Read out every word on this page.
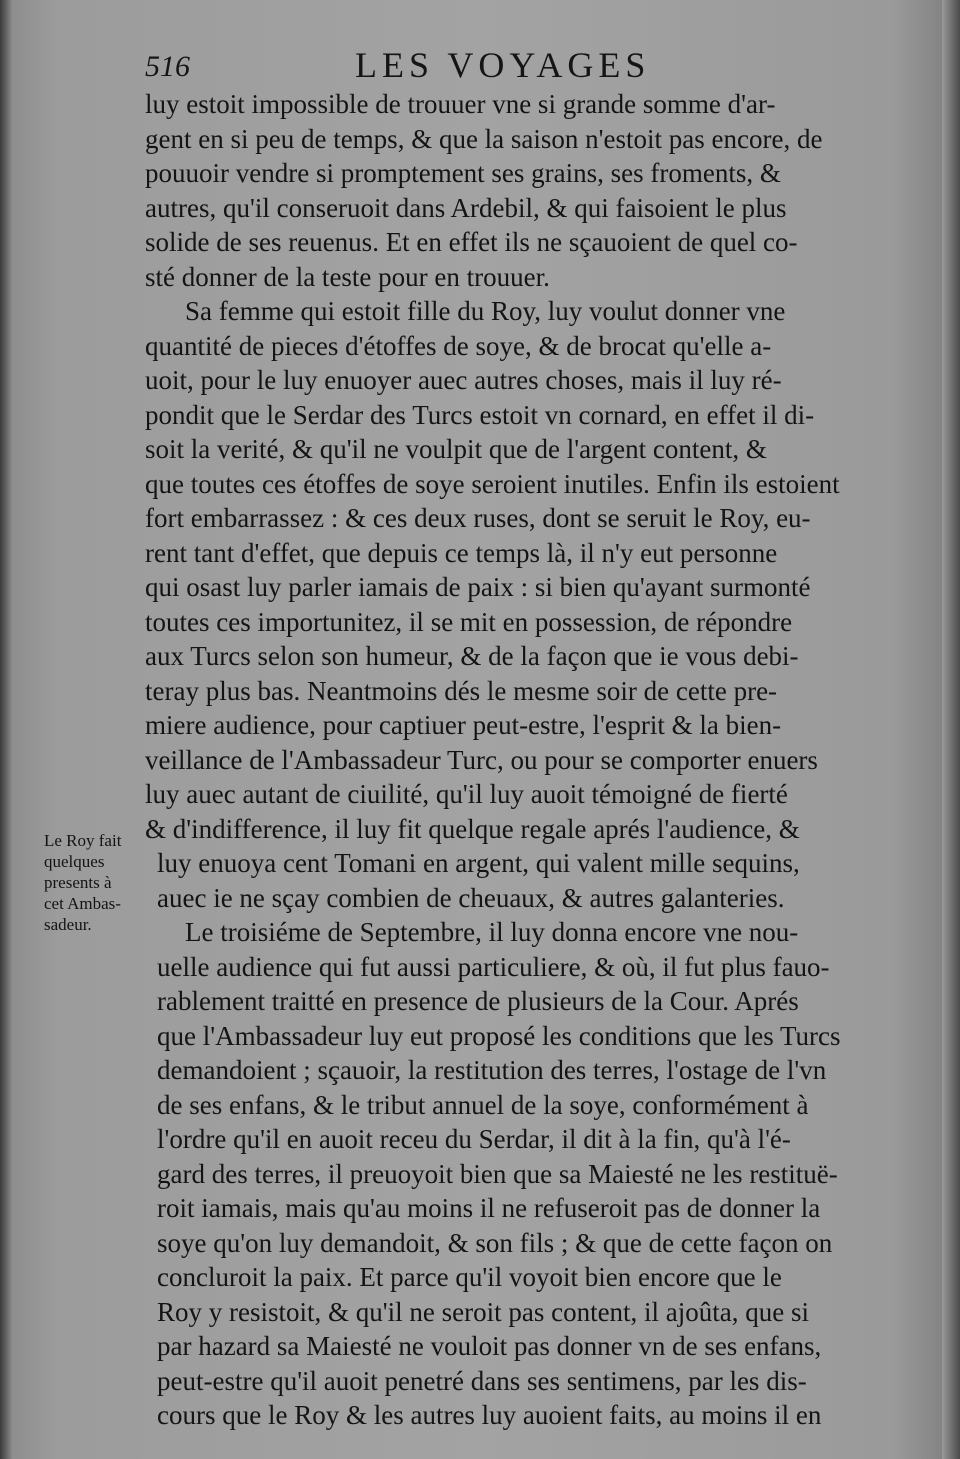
516	LES VOYAGES
Le Roy fait
quelques
presents à
cet Ambas-
sadeur.
luy estoit impossible de trouuer vne si grande somme d'ar-
gent en si peu de temps, & que la saison n'estoit pas encore, de
pouuoir vendre si promptement ses grains, ses froments, &
autres, qu'il conseruoit dans Ardebil, & qui faisoient le plus
solide de ses reuenus. Et en effet ils ne sçauoient de quel co-
sté donner de la teste pour en trouuer.
Sa femme qui estoit fille du Roy, luy voulut donner vne
quantité de pieces d'étoffes de soye, & de brocat qu'elle a-
uoit, pour le luy enuoyer auec autres choses, mais il luy ré-
pondit que le Serdar des Turcs estoit vn cornard, en effet il di-
soit la verité, & qu'il ne voulpit que de l'argent content, &
que toutes ces étoffes de soye seroient inutiles. Enfin ils estoient
fort embarrassez : & ces deux ruses, dont se seruit le Roy, eu-
rent tant d'effet, que depuis ce temps là, il n'y eut personne
qui osast luy parler iamais de paix : si bien qu'ayant surmonté
toutes ces importunitez, il se mit en possession, de répondre
aux Turcs selon son humeur, & de la façon que ie vous debi-
teray plus bas. Neantmoins dés le mesme soir de cette pre-
miere audience, pour captiuer peut-estre, l'esprit & la bien-
veillance de l'Ambassadeur Turc, ou pour se comporter enuers
luy auec autant de ciuilité, qu'il luy auoit témoigné de fierté
& d'indifference, il luy fit quelque regale aprés l'audience, &
luy enuoya cent Tomani en argent, qui valent mille sequins,
auec ie ne sçay combien de cheuaux, & autres galanteries.
Le troisiéme de Septembre, il luy donna encore vne nou-
uelle audience qui fut aussi particuliere, & où, il fut plus fauo-
rablement traitté en presence de plusieurs de la Cour. Aprés
que l'Ambassadeur luy eut proposé les conditions que les Turcs
demandoient ; sçauoir, la restitution des terres, l'ostage de l'vn
de ses enfans, & le tribut annuel de la soye, conformément à
l'ordre qu'il en auoit receu du Serdar, il dit à la fin, qu'à l'é-
gard des terres, il preuoyoit bien que sa Maiesté ne les restituë-
roit iamais, mais qu'au moins il ne refuseroit pas de donner la
soye qu'on luy demandoit, & son fils ; & que de cette façon on
concluroit la paix. Et parce qu'il voyoit bien encore que le
Roy y resistoit, & qu'il ne seroit pas content, il ajoûta, que si
par hazard sa Maiesté ne vouloit pas donner vn de ses enfans,
peut-estre qu'il auoit penetré dans ses sentimens, par les dis-
cours que le Roy & les autres luy auoient faits, au moins il en
